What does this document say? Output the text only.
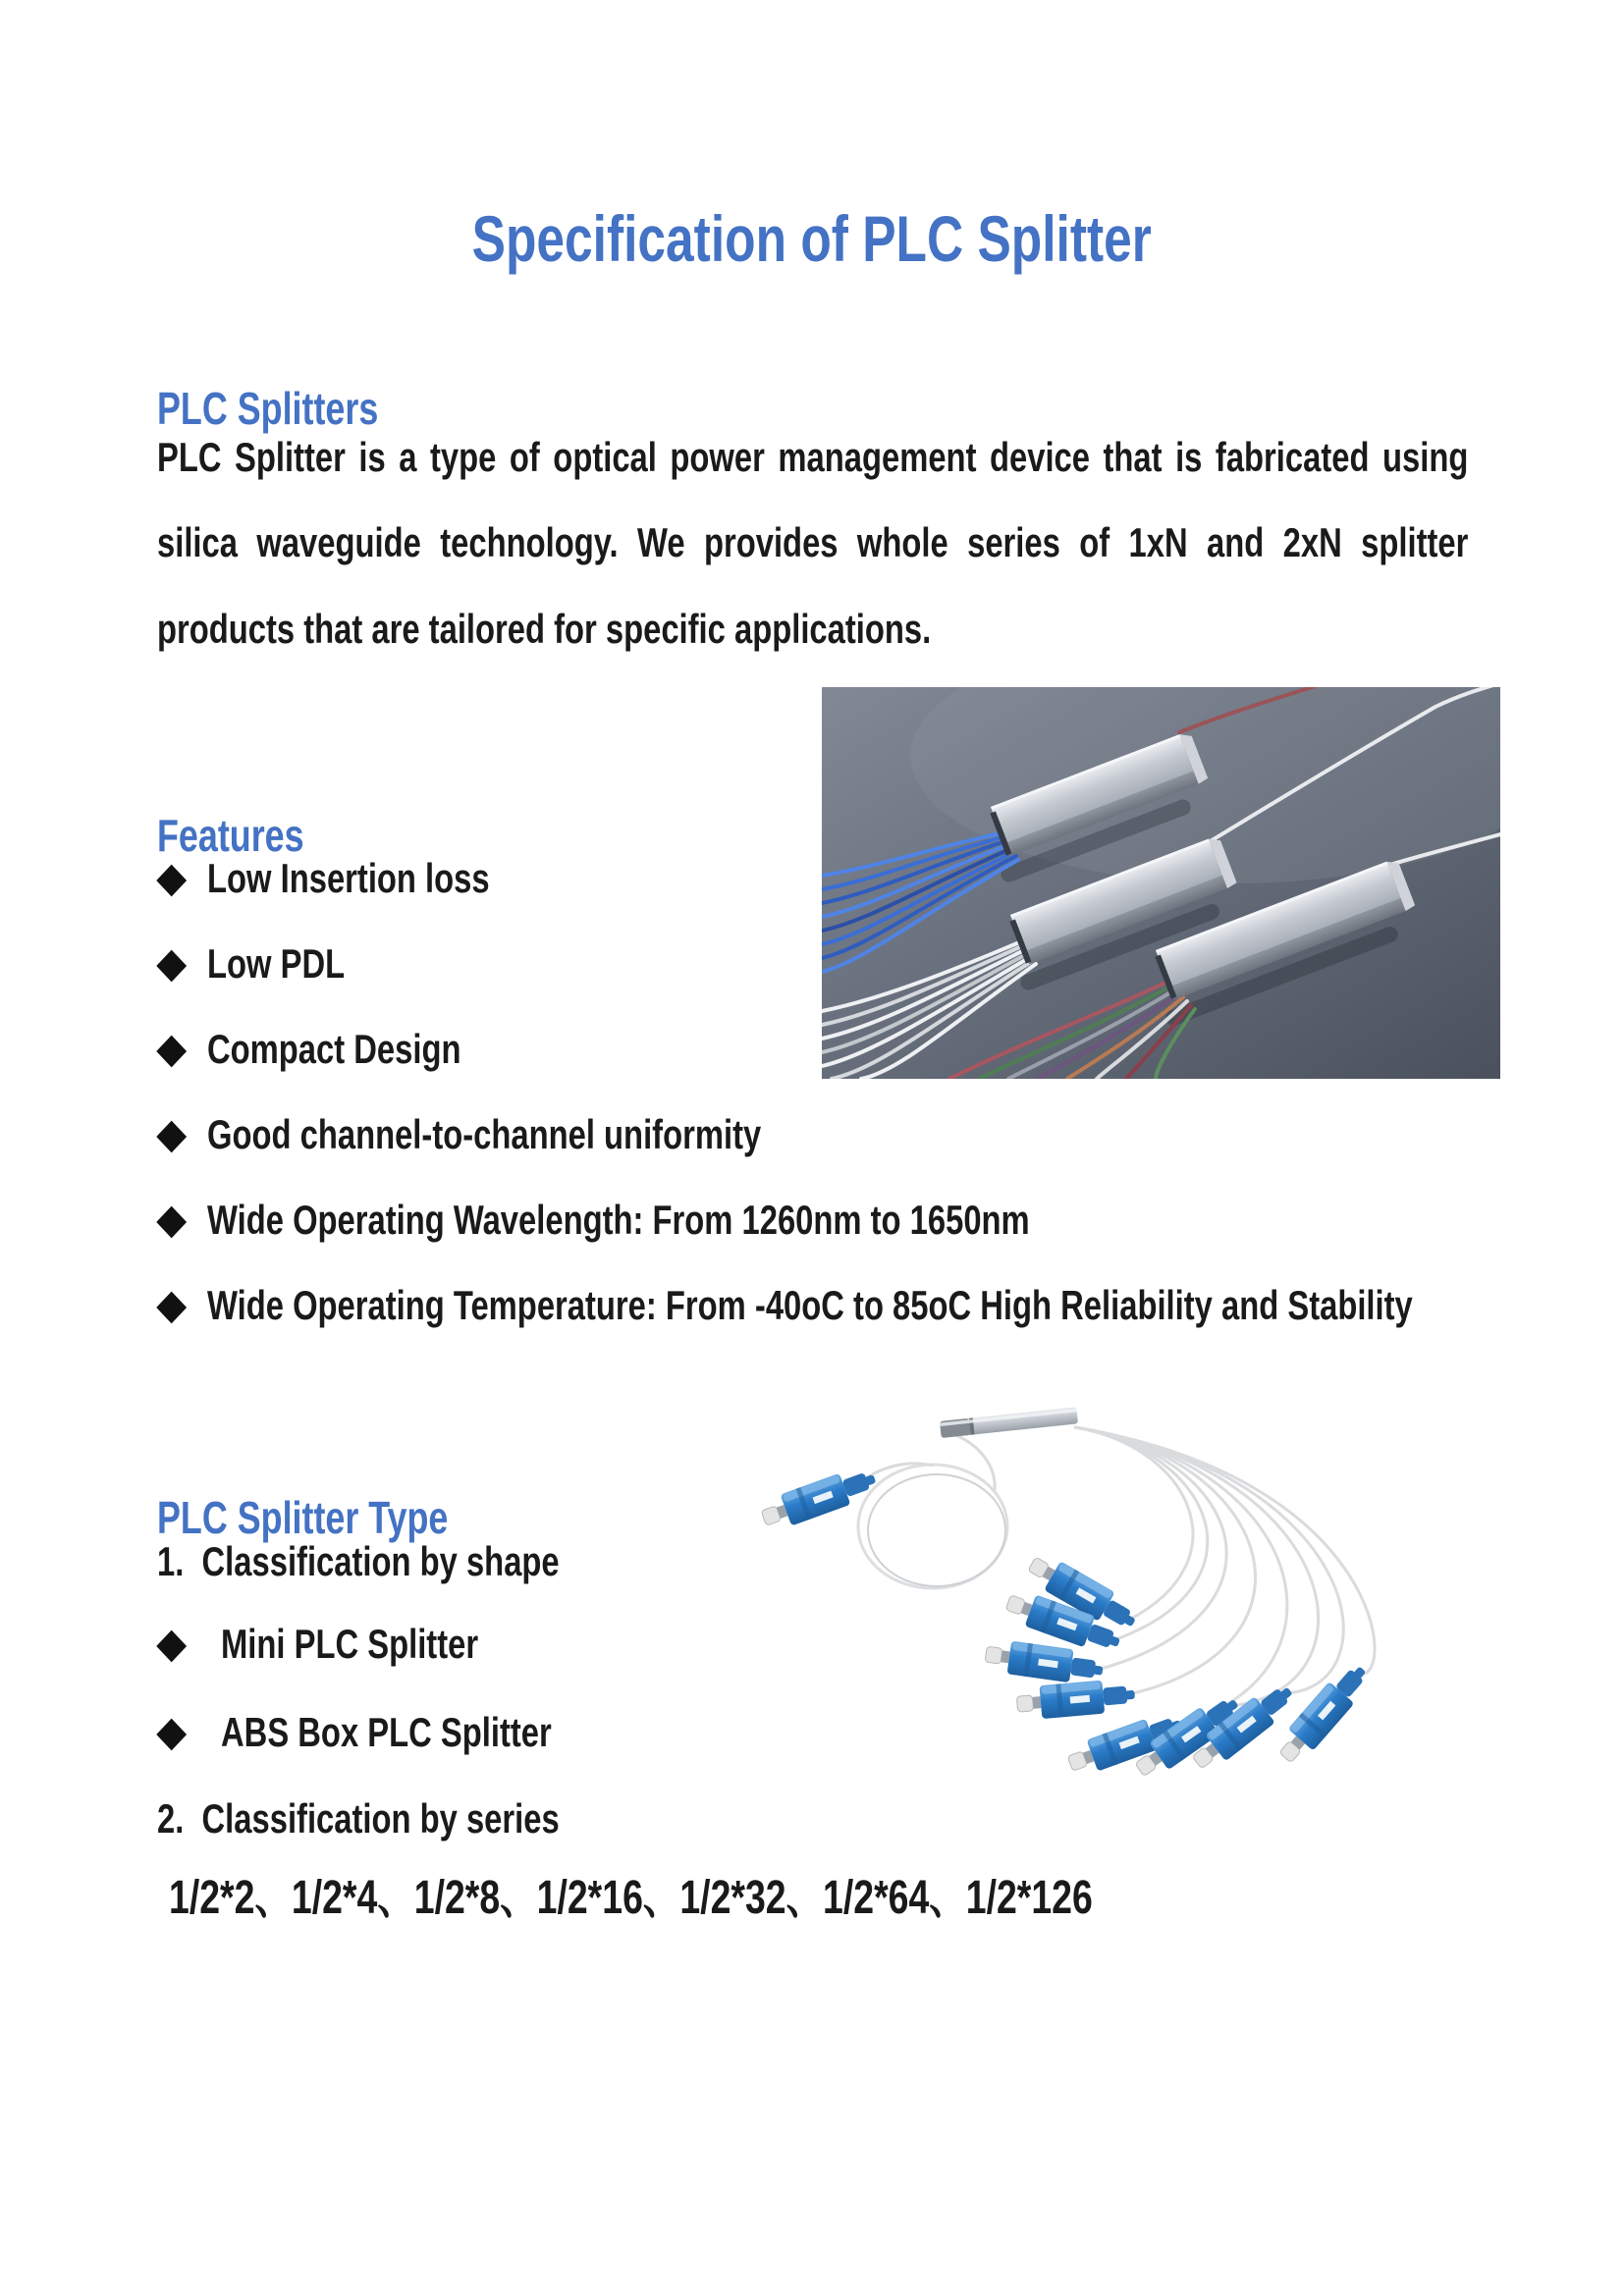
Specification of PLC Splitter
PLC Splitters
PLC Splitter is a type of optical power management device that is fabricated using
silica waveguide technology. We provides whole series of 1xN and 2xN splitter
products that are tailored for specific applications.
Features
◆ Low Insertion loss
◆ Low PDL
◆ Compact Design
◆ Good channel-to-channel uniformity
◆ Wide Operating Wavelength: From 1260nm to 1650nm
◆ Wide Operating Temperature: From -40oC to 85oC High Reliability and Stability
PLC Splitter Type
1.  Classification by shape
◆ Mini PLC Splitter
◆ ABS Box PLC Splitter
2.  Classification by series
1/2*2、1/2*4、1/2*8、1/2*16、1/2*32、1/2*64、1/2*126
